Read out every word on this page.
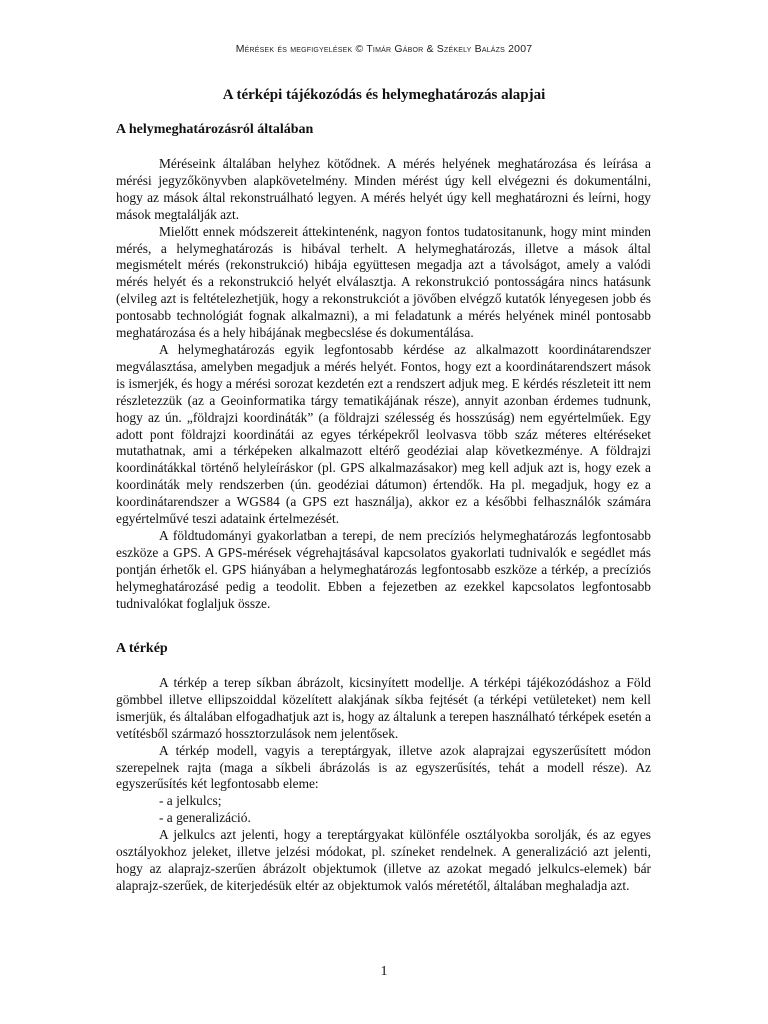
Mérések és megfigyelések © Timár Gábor & Székely Balázs 2007
A térképi tájékozódás és helymeghatározás alapjai
A helymeghatározásról általában

Méréseink általában helyhez kötődnek. A mérés helyének meghatározása és leírása a mérési jegyzőkönyvben alapkövetelmény. Minden mérést úgy kell elvégezni és dokumentálni, hogy az mások által rekonstruálható legyen. A mérés helyét úgy kell meghatározni és leírni, hogy mások megtalálják azt.

Mielőtt ennek módszereit áttekintenénk, nagyon fontos tudatositanunk, hogy mint minden mérés, a helymeghatározás is hibával terhelt. A helymeghatározás, illetve a mások által megismételt mérés (rekonstrukció) hibája együttesen megadja azt a távolságot, amely a valódi mérés helyét és a rekonstrukció helyét elválasztja. A rekonstrukció pontosságára nincs hatásunk (elvileg azt is feltételezhetjük, hogy a rekonstrukciót a jövőben elvégző kutatók lényegesen jobb és pontosabb technológiát fognak alkalmazni), a mi feladatunk a mérés helyének minél pontosabb meghatározása és a hely hibájának megbecslése és dokumentálása.

A helymeghatározás egyik legfontosabb kérdése az alkalmazott koordinátarendszer megválasztása, amelyben megadjuk a mérés helyét. Fontos, hogy ezt a koordinátarendszert mások is ismerjék, és hogy a mérési sorozat kezdetén ezt a rendszert adjuk meg. E kérdés részleteit itt nem részletezzük (az a Geoinformatika tárgy tematikájának része), annyit azonban érdemes tudnunk, hogy az ún. „földrajzi koordináták” (a földrajzi szélesség és hosszúság) nem egyértelműek. Egy adott pont földrajzi koordinátái az egyes térképekről leolvasva több száz méteres eltéréseket mutathatnak, ami a térképeken alkalmazott eltérő geodéziai alap következménye. A földrajzi koordinátákkal történő helyleíráskor (pl. GPS alkalmazásakor) meg kell adjuk azt is, hogy ezek a koordináták mely rendszerben (ún. geodéziai dátumon) értendők. Ha pl. megadjuk, hogy ez a koordinátarendszer a WGS84 (a GPS ezt használja), akkor ez a későbbi felhasználók számára egyértelművé teszi adataink értelmezését.

A földtudományi gyakorlatban a terepi, de nem precíziós helymeghatározás legfontosabb eszköze a GPS. A GPS-mérések végrehajtásával kapcsolatos gyakorlati tudnivalók e segédlet más pontján érhetők el. GPS hiányában a helymeghatározás legfontosabb eszköze a térkép, a precíziós helymeghatározásé pedig a teodolit. Ebben a fejezetben az ezekkel kapcsolatos legfontosabb tudnivalókat foglaljuk össze.

A térkép

A térkép a terep síkban ábrázolt, kicsinyített modellje. A térképi tájékozódáshoz a Föld gömbbel illetve ellipszoiddal közelített alakjának síkba fejtését (a térképi vetületeket) nem kell ismerjük, és általában elfogadhatjuk azt is, hogy az általunk a terepen használható térképek esetén a vetítésből származó hossztorzulások nem jelentősek.

A térkép modell, vagyis a tereptárgyak, illetve azok alaprajzai egyszerűsített módon szerepelnek rajta (maga a síkbeli ábrázolás is az egyszerűsítés, tehát a modell része). Az egyszerűsítés két legfontosabb eleme:

- a jelkulcs;
- a generalizáció.

A jelkulcs azt jelenti, hogy a tereptárgyakat különféle osztályokba sorolják, és az egyes osztályokhoz jeleket, illetve jelzési módokat, pl. színeket rendelnek. A generalizáció azt jelenti, hogy az alaprajz-szerűen ábrázolt objektumok (illetve az azokat megadó jelkulcs-elemek) bár alaprajz-szerűek, de kiterjedésük eltér az objektumok valós méretétől, általában meghaladja azt.

1
